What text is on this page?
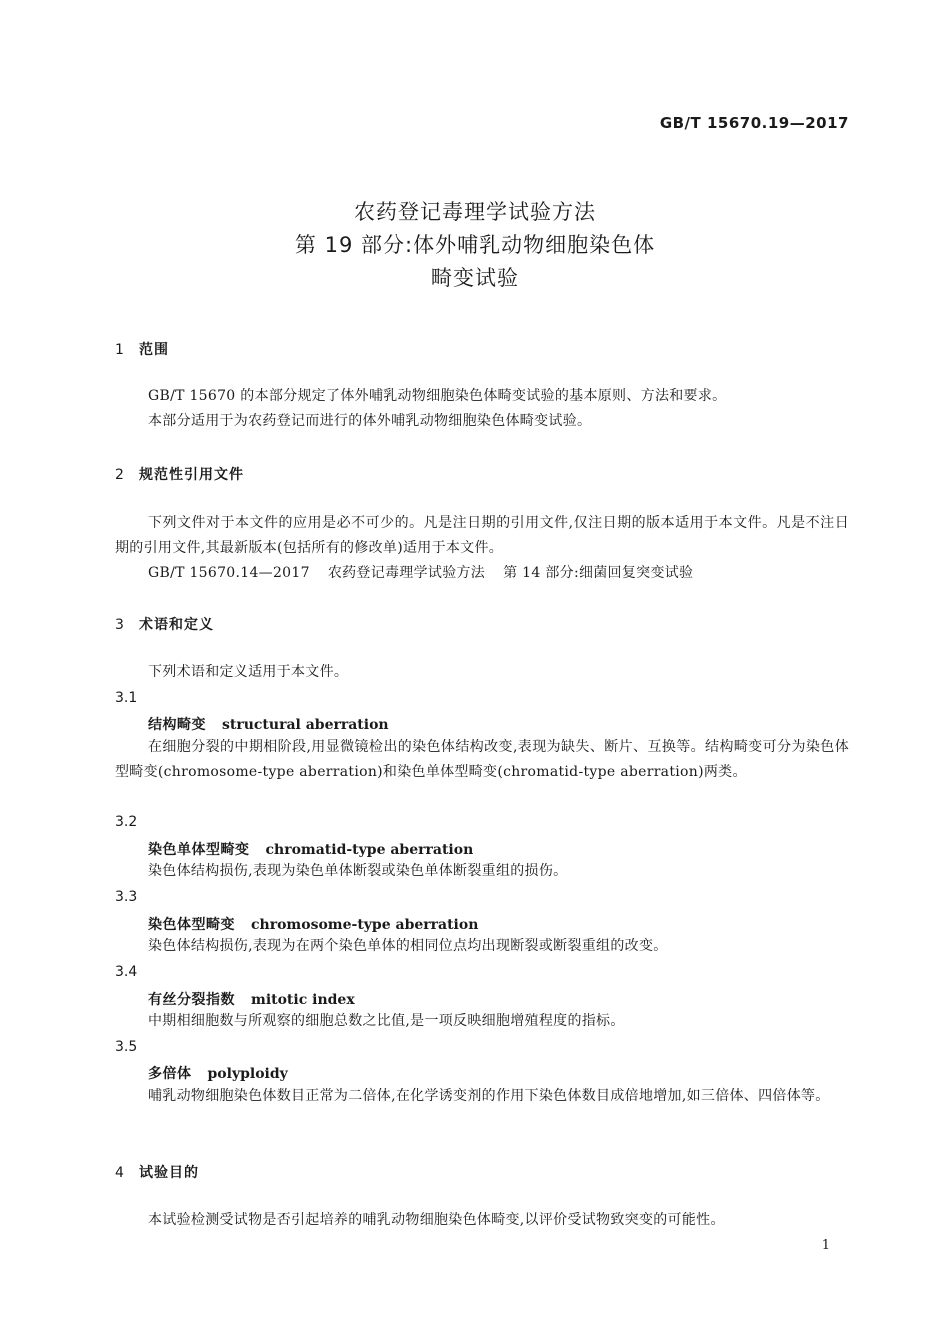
GB/T 15670.19—2017
农药登记毒理学试验方法
第 19 部分:体外哺乳动物细胞染色体
畸变试验
1 范围
GB/T 15670 的本部分规定了体外哺乳动物细胞染色体畸变试验的基本原则、方法和要求。
本部分适用于为农药登记而进行的体外哺乳动物细胞染色体畸变试验。
2 规范性引用文件
下列文件对于本文件的应用是必不可少的。凡是注日期的引用文件,仅注日期的版本适用于本文件。凡是不注日期的引用文件,其最新版本(包括所有的修改单)适用于本文件。
GB/T 15670.14—2017 农药登记毒理学试验方法 第 14 部分:细菌回复突变试验
3 术语和定义
下列术语和定义适用于本文件。
3.1
结构畸变 structural aberration
在细胞分裂的中期相阶段,用显微镜检出的染色体结构改变,表现为缺失、断片、互换等。结构畸变可分为染色体型畸变(chromosome-type aberration)和染色单体型畸变(chromatid-type aberration)两类。
3.2
染色单体型畸变 chromatid-type aberration
染色体结构损伤,表现为染色单体断裂或染色单体断裂重组的损伤。
3.3
染色体型畸变 chromosome-type aberration
染色体结构损伤,表现为在两个染色单体的相同位点均出现断裂或断裂重组的改变。
3.4
有丝分裂指数 mitotic index
中期相细胞数与所观察的细胞总数之比值,是一项反映细胞增殖程度的指标。
3.5
多倍体 polyploidy
哺乳动物细胞染色体数目正常为二倍体,在化学诱变剂的作用下染色体数目成倍地增加,如三倍体、四倍体等。
4 试验目的
本试验检测受试物是否引起培养的哺乳动物细胞染色体畸变,以评价受试物致突变的可能性。
1
